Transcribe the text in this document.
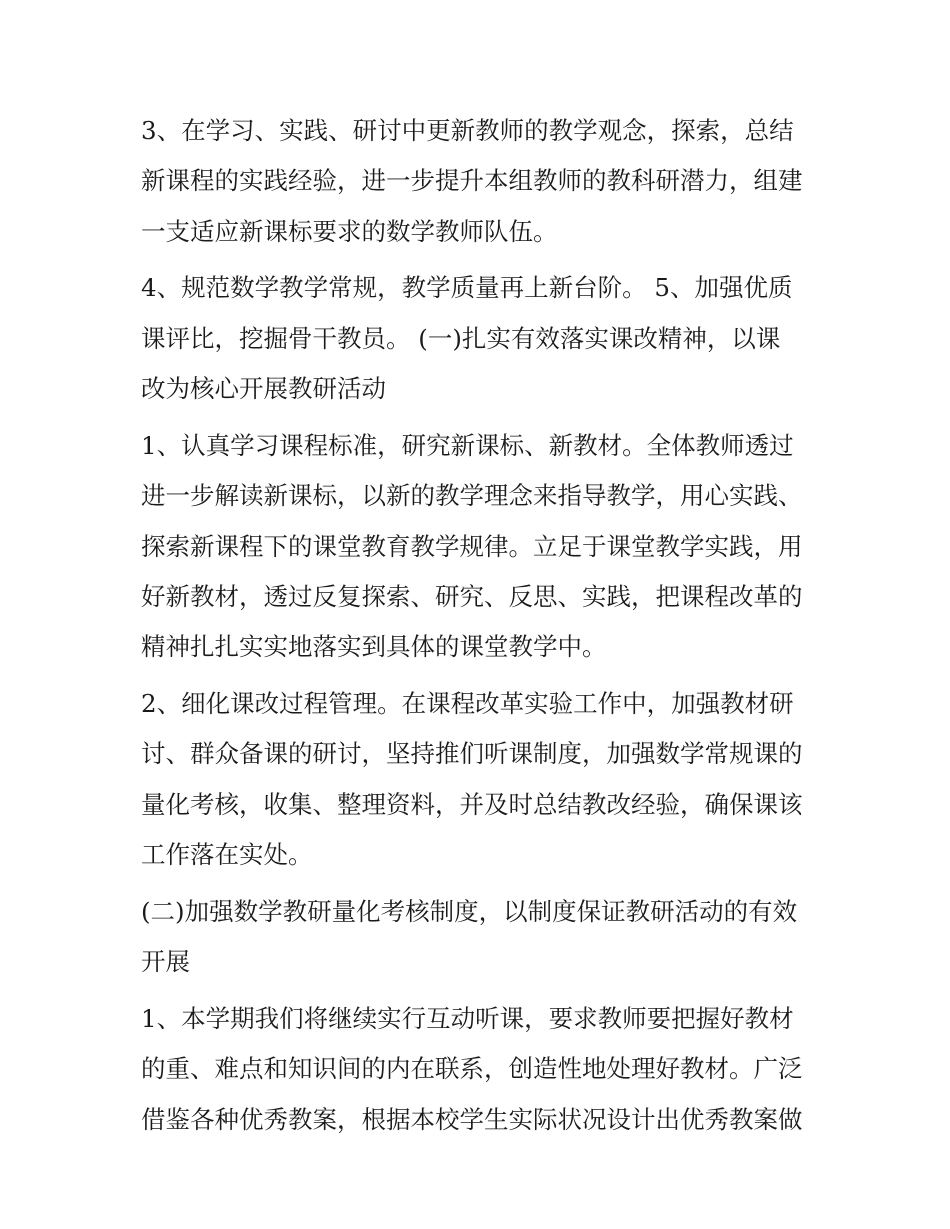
3、在学习、实践、研讨中更新教师的教学观念，探索，总结
新课程的实践经验，进一步提升本组教师的教科研潜力，组建
一支适应新课标要求的数学教师队伍。

4、规范数学教学常规，教学质量再上新台阶。 5、加强优质
课评比，挖掘骨干教员。 (一)扎实有效落实课改精神，以课
改为核心开展教研活动

1、认真学习课程标准，研究新课标、新教材。全体教师透过
进一步解读新课标，以新的教学理念来指导教学，用心实践、
探索新课程下的课堂教育教学规律。立足于课堂教学实践，用
好新教材，透过反复探索、研究、反思、实践，把课程改革的
精神扎扎实实地落实到具体的课堂教学中。

2、细化课改过程管理。在课程改革实验工作中，加强教材研
讨、群众备课的研讨，坚持推们听课制度，加强数学常规课的
量化考核，收集、整理资料，并及时总结教改经验，确保课该
工作落在实处。

(二)加强数学教研量化考核制度，以制度保证教研活动的有效
开展

1、本学期我们将继续实行互动听课，要求教师要把握好教材
的重、难点和知识间的内在联系，创造性地处理好教材。广泛
借鉴各种优秀教案，根据本校学生实际状况设计出优秀教案做
